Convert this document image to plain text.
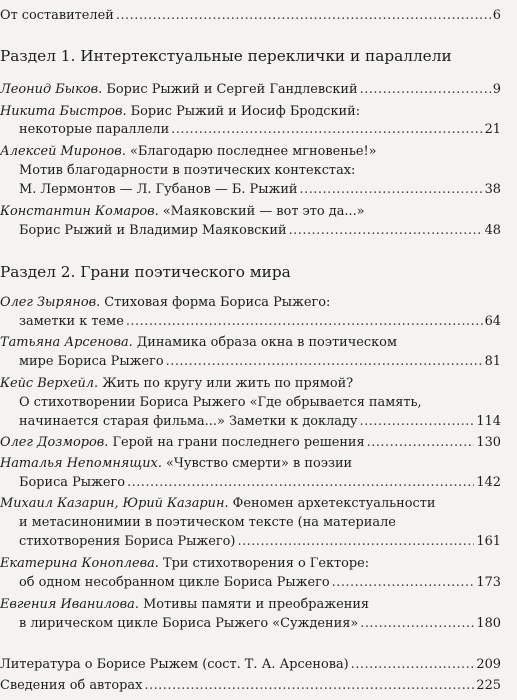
От составителей .....	6
Раздел 1. Интертекстуальные переклички и параллели
Леонид Быков. Борис Рыжий и Сергей Гандлевский .....	9
Никита Быстров. Борис Рыжий и Иосиф Бродский:
некоторые параллели .....	21
Алексей Миронов. «Благодарю последнее мгновенье!»
Мотив благодарности в поэтических контекстах:
М. Лермонтов — Л. Губанов — Б. Рыжий .....	38
Константин Комаров. «Маяковский — вот это да...»
Борис Рыжий и Владимир Маяковский .....	48
Раздел 2. Грани поэтического мира
Олег Зырянов. Стиховая форма Бориса Рыжего:
заметки к теме .....	64
Татьяна Арсенова. Динамика образа окна в поэтическом
мире Бориса Рыжего .....	81
Кейс Верхейл. Жить по кругу или жить по прямой?
О стихотворении Бориса Рыжего «Где обрывается память,
начинается старая фильма...» Заметки к докладу .....	114
Олег Дозморов. Герой на грани последнего решения .....	130
Наталья Непомнящих. «Чувство смерти» в поэзии
Бориса Рыжего .....	142
Михаил Казарин, Юрий Казарин. Феномен архетекстуальности
и метасинонимии в поэтическом тексте (на материале
стихотворения Бориса Рыжего) .....	161
Екатерина Коноплева. Три стихотворения о Гекторе:
об одном несобранном цикле Бориса Рыжего .....	173
Евгения Иванилова. Мотивы памяти и преображения
в лирическом цикле Бориса Рыжего «Суждения» .....	180
Литература о Борисе Рыжем (сост. Т. А. Арсенова) .....	209
Сведения об авторах .....	225
